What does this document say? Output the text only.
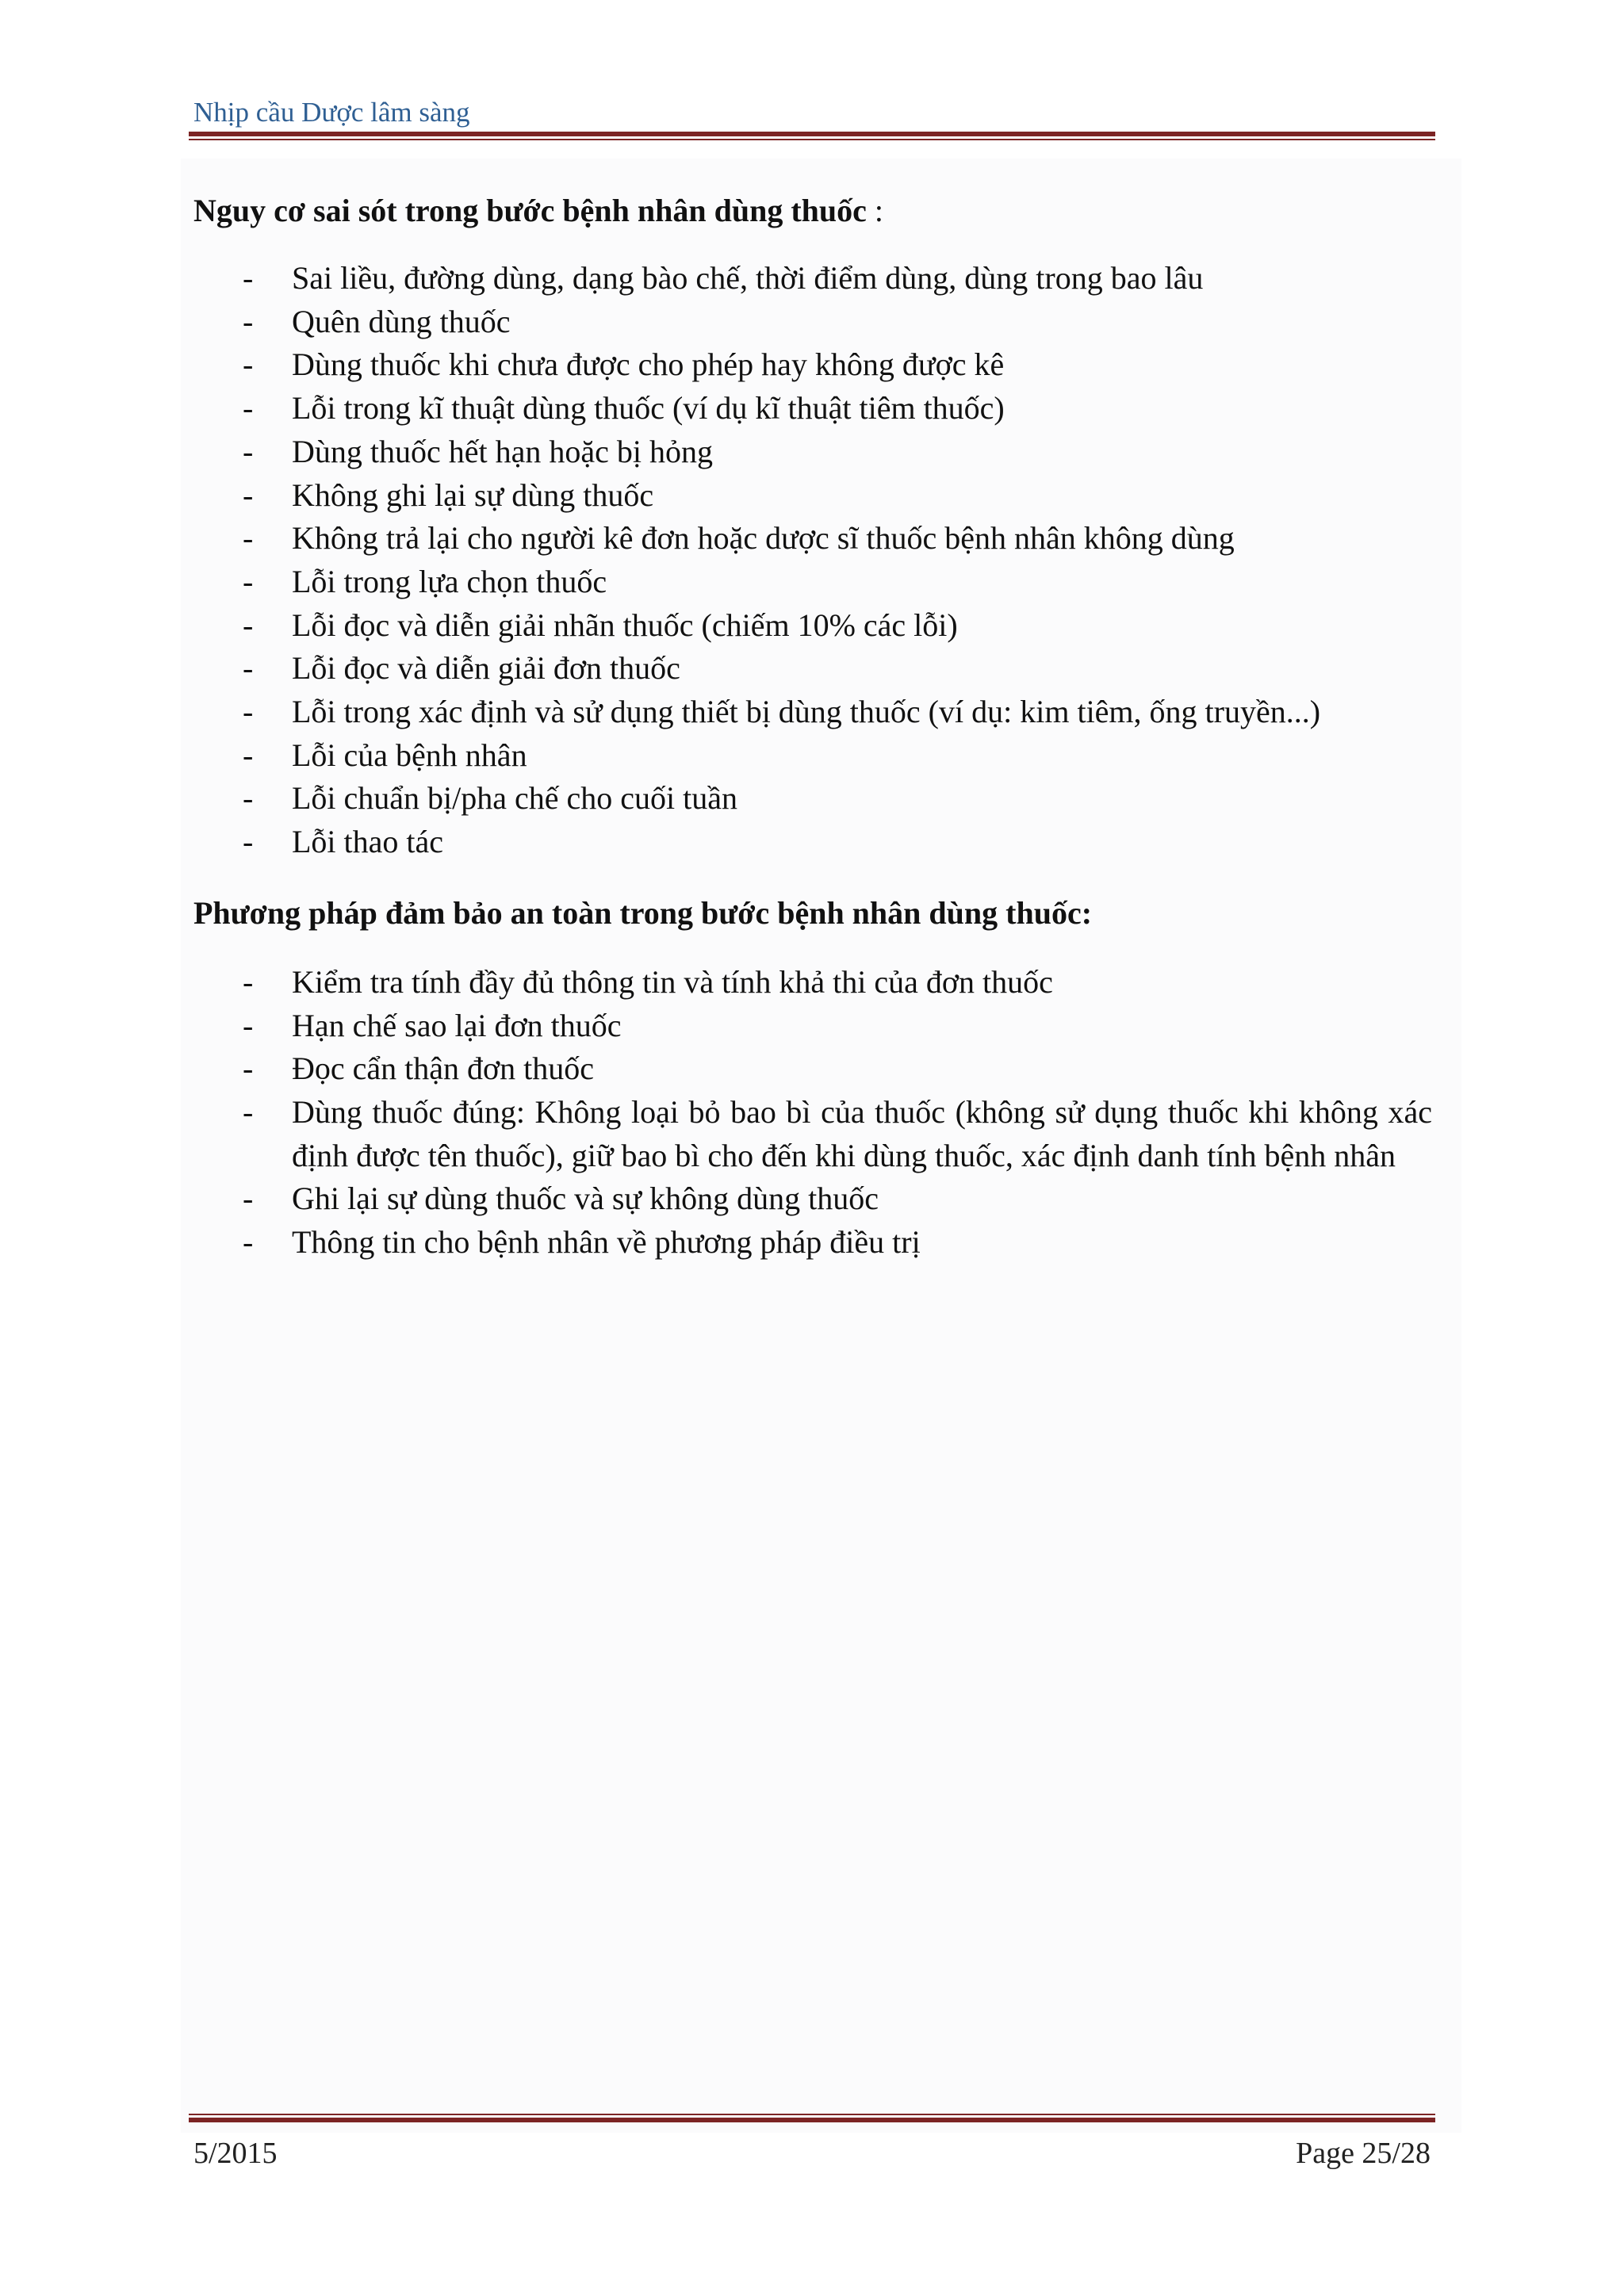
Nhịp cầu Dược lâm sàng

Nguy cơ sai sót trong bước bệnh nhân dùng thuốc :

- Sai liều, đường dùng, dạng bào chế, thời điểm dùng, dùng trong bao lâu
- Quên dùng thuốc
- Dùng thuốc khi chưa được cho phép hay không được kê
- Lỗi trong kĩ thuật dùng thuốc (ví dụ kĩ thuật tiêm thuốc)
- Dùng thuốc hết hạn hoặc bị hỏng
- Không ghi lại sự dùng thuốc
- Không trả lại cho người kê đơn hoặc dược sĩ thuốc bệnh nhân không dùng
- Lỗi trong lựa chọn thuốc
- Lỗi đọc và diễn giải nhãn thuốc (chiếm 10% các lỗi)
- Lỗi đọc và diễn giải đơn thuốc
- Lỗi trong xác định và sử dụng thiết bị dùng thuốc (ví dụ: kim tiêm, ống truyền...)
- Lỗi của bệnh nhân
- Lỗi chuẩn bị/pha chế cho cuối tuần
- Lỗi thao tác

Phương pháp đảm bảo an toàn trong bước bệnh nhân dùng thuốc:

- Kiểm tra tính đầy đủ thông tin và tính khả thi của đơn thuốc
- Hạn chế sao lại đơn thuốc
- Đọc cẩn thận đơn thuốc
- Dùng thuốc đúng: Không loại bỏ bao bì của thuốc (không sử dụng thuốc khi không xác định được tên thuốc), giữ bao bì cho đến khi dùng thuốc, xác định danh tính bệnh nhân
- Ghi lại sự dùng thuốc và sự không dùng thuốc
- Thông tin cho bệnh nhân về phương pháp điều trị
5/2015	Page 25/28
